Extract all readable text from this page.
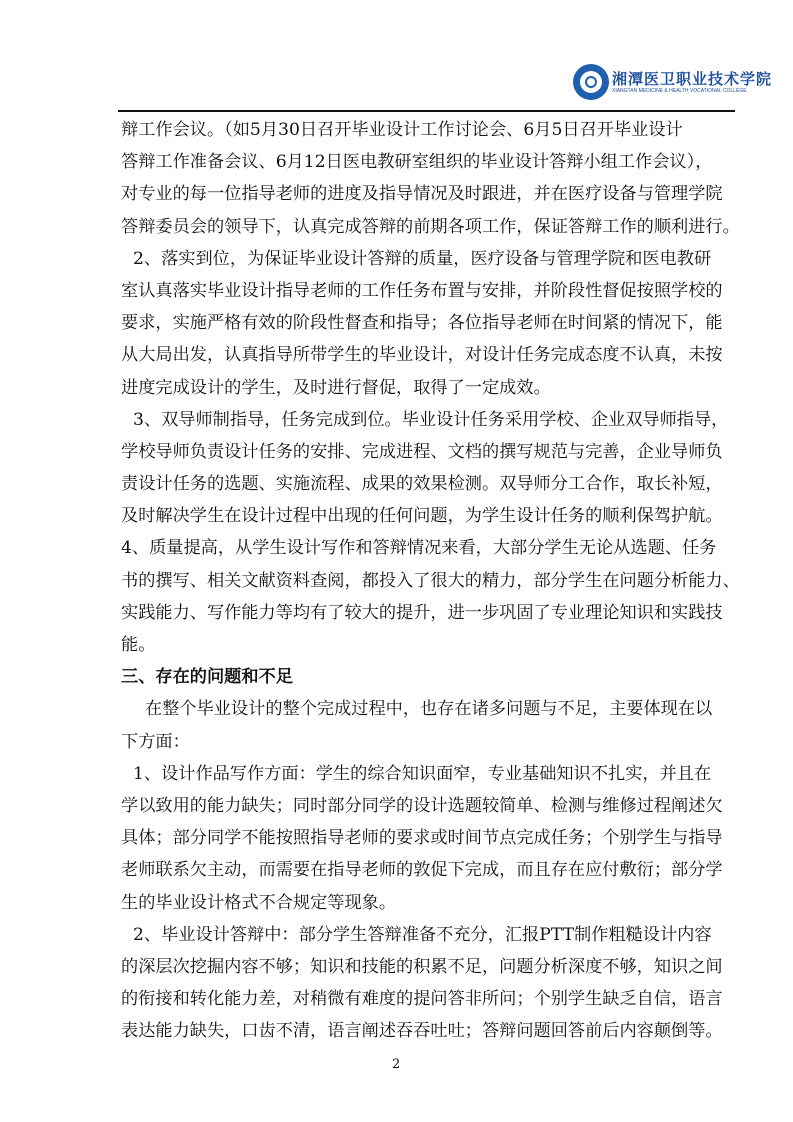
湘潭医卫职业技术学院
XIANGTAN MEDICINE & HEALTH VOCATIONAL COLLEGE
辩工作会议。（如5月30日召开毕业设计工作讨论会、6月5日召开毕业设计
答辩工作准备会议、6月12日医电教研室组织的毕业设计答辩小组工作会议），
对专业的每一位指导老师的进度及指导情况及时跟进，并在医疗设备与管理学院
答辩委员会的领导下，认真完成答辩的前期各项工作，保证答辩工作的顺利进行。
2、落实到位，为保证毕业设计答辩的质量，医疗设备与管理学院和医电教研
室认真落实毕业设计指导老师的工作任务布置与安排，并阶段性督促按照学校的
要求，实施严格有效的阶段性督查和指导；各位指导老师在时间紧的情况下，能
从大局出发，认真指导所带学生的毕业设计，对设计任务完成态度不认真，未按
进度完成设计的学生，及时进行督促，取得了一定成效。
3、双导师制指导，任务完成到位。毕业设计任务采用学校、企业双导师指导，
学校导师负责设计任务的安排、完成进程、文档的撰写规范与完善，企业导师负
责设计任务的选题、实施流程、成果的效果检测。双导师分工合作，取长补短，
及时解决学生在设计过程中出现的任何问题，为学生设计任务的顺利保驾护航。
4、质量提高，从学生设计写作和答辩情况来看，大部分学生无论从选题、任务
书的撰写、相关文献资料查阅，都投入了很大的精力，部分学生在问题分析能力、
实践能力、写作能力等均有了较大的提升，进一步巩固了专业理论知识和实践技
能。
三、存在的问题和不足
在整个毕业设计的整个完成过程中，也存在诸多问题与不足，主要体现在以
下方面：
1、设计作品写作方面：学生的综合知识面窄，专业基础知识不扎实，并且在
学以致用的能力缺失；同时部分同学的设计选题较简单、检测与维修过程阐述欠
具体；部分同学不能按照指导老师的要求或时间节点完成任务；个别学生与指导
老师联系欠主动，而需要在指导老师的敦促下完成，而且存在应付敷衍；部分学
生的毕业设计格式不合规定等现象。
2、毕业设计答辩中：部分学生答辩准备不充分，汇报PTT制作粗糙设计内容
的深层次挖掘内容不够；知识和技能的积累不足，问题分析深度不够，知识之间
的衔接和转化能力差，对稍微有难度的提问答非所问；个别学生缺乏自信，语言
表达能力缺失，口齿不清，语言阐述吞吞吐吐；答辩问题回答前后内容颠倒等。
2
